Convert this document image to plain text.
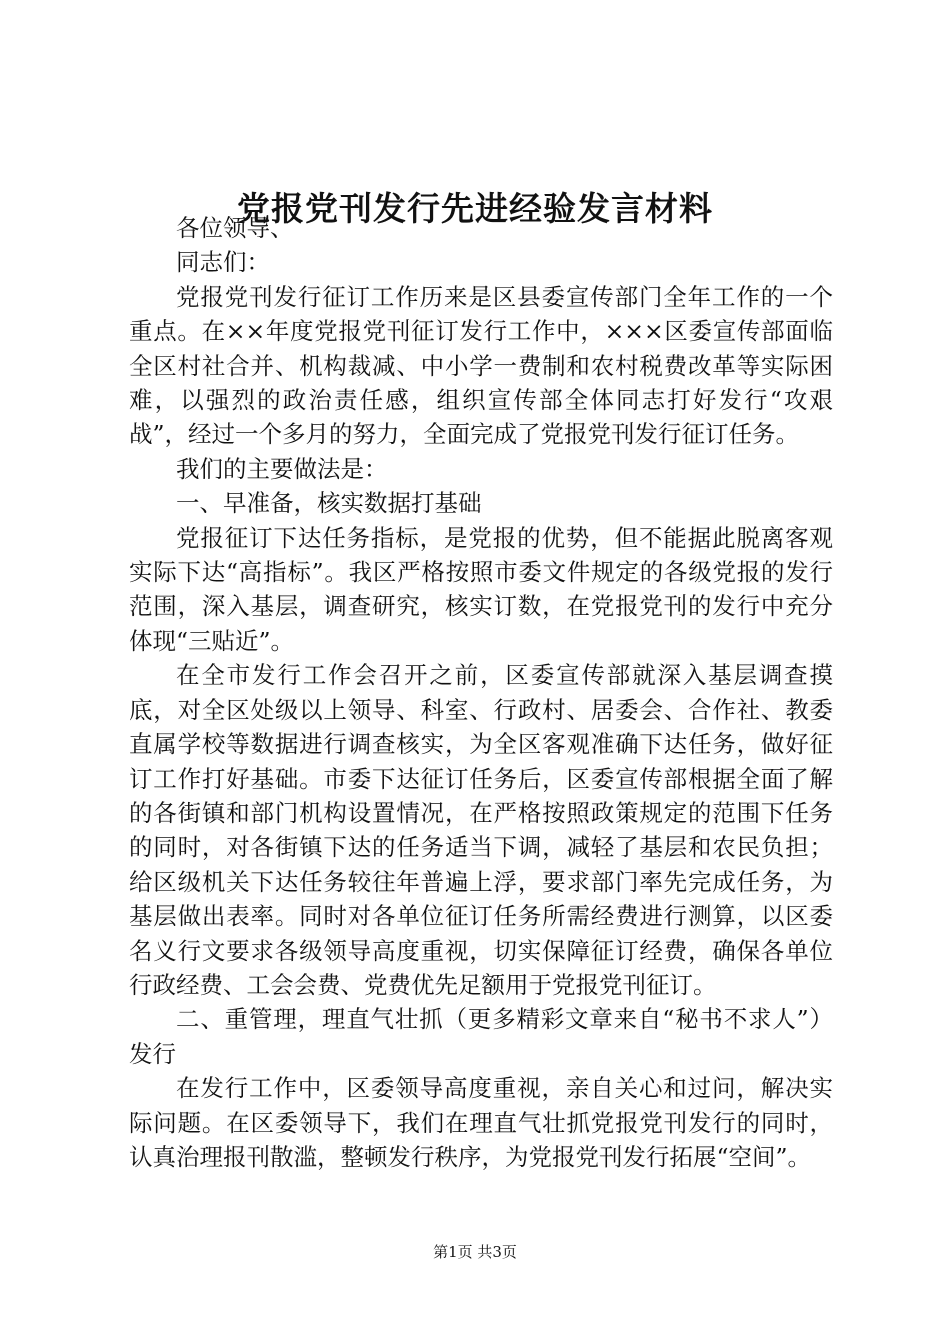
党报党刊发行先进经验发言材料

各位领导、

同志们：

党报党刊发行征订工作历来是区县委宣传部门全年工作的一个重点。在××年度党报党刊征订发行工作中，×××区委宣传部面临全区村社合并、机构裁减、中小学一费制和农村税费改革等实际困难，以强烈的政治责任感，组织宣传部全体同志打好发行“攻艰战”，经过一个多月的努力，全面完成了党报党刊发行征订任务。

我们的主要做法是：

一、早准备，核实数据打基础

党报征订下达任务指标，是党报的优势，但不能据此脱离客观实际下达“高指标”。我区严格按照市委文件规定的各级党报的发行范围，深入基层，调查研究，核实订数，在党报党刊的发行中充分体现“三贴近”。

在全市发行工作会召开之前，区委宣传部就深入基层调查摸底，对全区处级以上领导、科室、行政村、居委会、合作社、教委直属学校等数据进行调查核实，为全区客观准确下达任务，做好征订工作打好基础。市委下达征订任务后，区委宣传部根据全面了解的各街镇和部门机构设置情况，在严格按照政策规定的范围下任务的同时，对各街镇下达的任务适当下调，减轻了基层和农民负担；给区级机关下达任务较往年普遍上浮，要求部门率先完成任务，为基层做出表率。同时对各单位征订任务所需经费进行测算，以区委名义行文要求各级领导高度重视，切实保障征订经费，确保各单位行政经费、工会会费、党费优先足额用于党报党刊征订。

二、重管理，理直气壮抓（更多精彩文章来自“秘书不求人”）发行

在发行工作中，区委领导高度重视，亲自关心和过问，解决实际问题。在区委领导下，我们在理直气壮抓党报党刊发行的同时，认真治理报刊散滥，整顿发行秩序，为党报党刊发行拓展“空间”。

第1页 共3页
